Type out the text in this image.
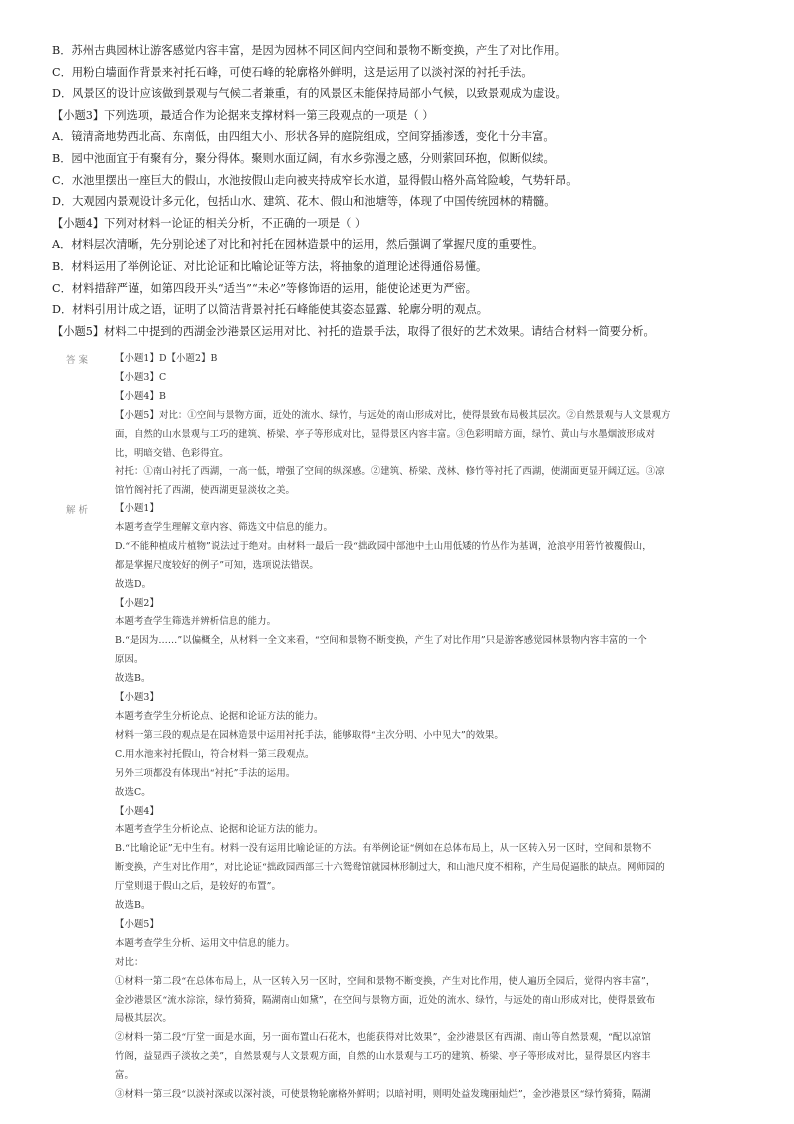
B．苏州古典园林让游客感觉内容丰富，是因为园林不同区间内空间和景物不断变换，产生了对比作用。
C．用粉白墙面作背景来衬托石峰，可使石峰的轮廓格外鲜明，这是运用了以淡衬深的衬托手法。
D．风景区的设计应该做到景观与气候二者兼重，有的风景区未能保持局部小气候，以致景观成为虚设。
【小题3】下列选项，最适合作为论据来支撑材料一第三段观点的一项是（ ）
A．镜清斋地势西北高、东南低，由四组大小、形状各异的庭院组成，空间穿插渗透，变化十分丰富。
B．园中池面宜于有聚有分，聚分得体。聚则水面辽阔，有水乡弥漫之感，分则萦回环抱，似断似续。
C．水池里摆出一座巨大的假山，水池按假山走向被夹持成窄长水道，显得假山格外高耸险峻，气势轩昂。
D．大观园内景观设计多元化，包括山水、建筑、花木、假山和池塘等，体现了中国传统园林的精髓。
【小题4】下列对材料一论证的相关分析，不正确的一项是（ ）
A．材料层次清晰，先分别论述了对比和衬托在园林造景中的运用，然后强调了掌握尺度的重要性。
B．材料运用了举例论证、对比论证和比喻论证等方法，将抽象的道理论述得通俗易懂。
C．材料措辞严谨，如第四段开头“适当”“未必”等修饰语的运用，能使论述更为严密。
D．材料引用计成之语，证明了以简洁背景衬托石峰能使其姿态显露、轮廓分明的观点。
【小题5】材料二中提到的西湖金沙港景区运用对比、衬托的造景手法，取得了很好的艺术效果。请结合材料一简要分析。
答案	【小题1】D【小题2】B
【小题3】C
【小题4】B
【小题5】对比：①空间与景物方面，近处的流水、绿竹，与远处的南山形成对比，使得景致布局极其层次。②自然景观与人文景观方
面，自然的山水景观与工巧的建筑、桥梁、亭子等形成对比，显得景区内容丰富。③色彩明暗方面，绿竹、黄山与水墨烟波形成对
比，明暗交错、色彩得宜。
衬托：①南山衬托了西湖，一高一低，增强了空间的纵深感。②建筑、桥梁、茂林、修竹等衬托了西湖，使湖面更显开阔辽远。③凉
馆竹阁衬托了西湖，使西湖更显淡妆之美。
解析	【小题1】
本题考查学生理解文章内容、筛选文中信息的能力。
D.“不能种植成片植物”说法过于绝对。由材料一最后一段“拙政园中部池中土山用低矮的竹丛作为基调，沧浪亭用箬竹被覆假山，
都是掌握尺度较好的例子”可知，选项说法错误。
故选D。
【小题2】
本题考查学生筛选并辨析信息的能力。
B.“是因为……”以偏概全，从材料一全文来看，“空间和景物不断变换，产生了对比作用”只是游客感觉园林景物内容丰富的一个
原因。
故选B。
【小题3】
本题考查学生分析论点、论据和论证方法的能力。
材料一第三段的观点是在园林造景中运用衬托手法，能够取得“主次分明、小中见大”的效果。
C.用水池来衬托假山，符合材料一第三段观点。
另外三项都没有体现出“衬托”手法的运用。
故选C。
【小题4】
本题考查学生分析论点、论据和论证方法的能力。
B.“比喻论证”无中生有。材料一没有运用比喻论证的方法。有举例论证“例如在总体布局上，从一区转入另一区时，空间和景物不
断变换，产生对比作用”，对比论证“拙政园西部三十六鸳鸯馆就园林形制过大，和山池尺度不相称，产生局促逼胀的缺点。网师园的
厅堂则退于假山之后，是较好的布置”。
故选B。
【小题5】
本题考查学生分析、运用文中信息的能力。
对比：
①材料一第二段“在总体布局上，从一区转入另一区时，空间和景物不断变换，产生对比作用，使人遍历全园后，觉得内容丰富”，
金沙港景区“流水淙淙，绿竹猗猗，隔湖南山如黛”，在空间与景物方面，近处的流水、绿竹，与远处的南山形成对比，使得景致布
局极其层次。
②材料一第二段“厅堂一面是水面，另一面布置山石花木，也能获得对比效果”，金沙港景区有西湖、南山等自然景观，“配以凉馆
竹阁，益显西子淡妆之美”，自然景观与人文景观方面，自然的山水景观与工巧的建筑、桥梁、亭子等形成对比，显得景区内容丰
富。
③材料一第三段“以淡衬深或以深衬淡，可使景物轮廓格外鲜明；以暗衬明，则明处益发瑰丽灿烂”，金沙港景区“绿竹猗猗，隔湖
